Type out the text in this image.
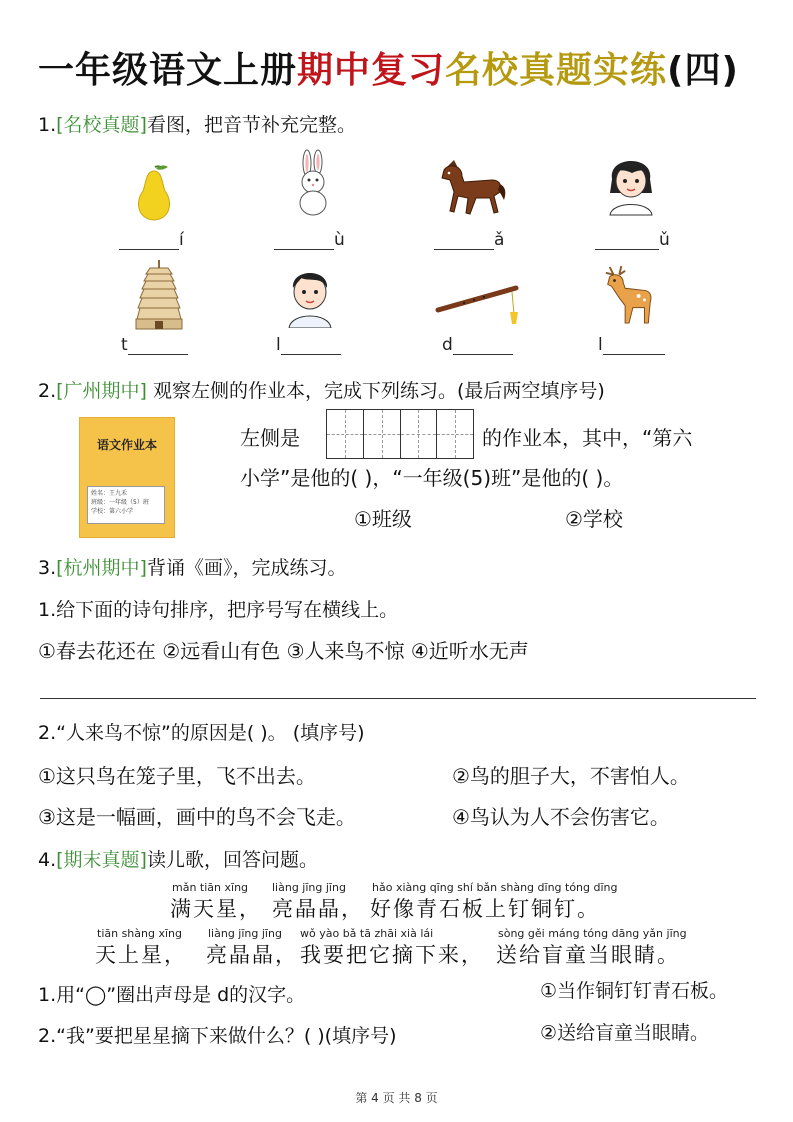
一年级语文上册期中复习名校真题实练(四)
1.[名校真题]看图，把音节补充完整。
í	ù	ǎ	ǔ
t	l	d	l
2.[广州期中] 观察左侧的作业本，完成下列练习。(最后两空填序号)
语文作业本
姓名：王九禾
班级：一年级（5）班
学校：第六小学
左侧是	的作业本，其中，“第六
小学”是他的( )，“一年级(5)班”是他的( )。
①班级	②学校
3.[杭州期中]背诵《画》，完成练习。
1.给下面的诗句排序，把序号写在横线上。
①春去花还在 ②远看山有色 ③人来鸟不惊 ④近听水无声
2.“人来鸟不惊”的原因是( )。 (填序号)
①这只鸟在笼子里，飞不出去。	②鸟的胆子大，不害怕人。
③这是一幅画，画中的鸟不会飞走。	④鸟认为人不会伤害它。
4.[期末真题]读儿歌，回答问题。
mǎn tiān xīng liàng jīng jīng hǎo xiàng qīng shí bǎn shàng dīng tóng dīng
满天星， 亮晶晶， 好像青石板上钉铜钉。
tiān shàng xīng liàng jīng jīng wǒ yào bǎ tā zhāi xià lái	sòng gěi máng tóng dāng yǎn jīng
天上星， 亮晶晶， 我要把它摘下来， 送给盲童当眼睛。
1.用“◯”圈出声母是 d的汉字。	①当作铜钉钉青石板。
2.“我”要把星星摘下来做什么？( )(填序号)	②送给盲童当眼睛。
第 4 页 共 8 页
